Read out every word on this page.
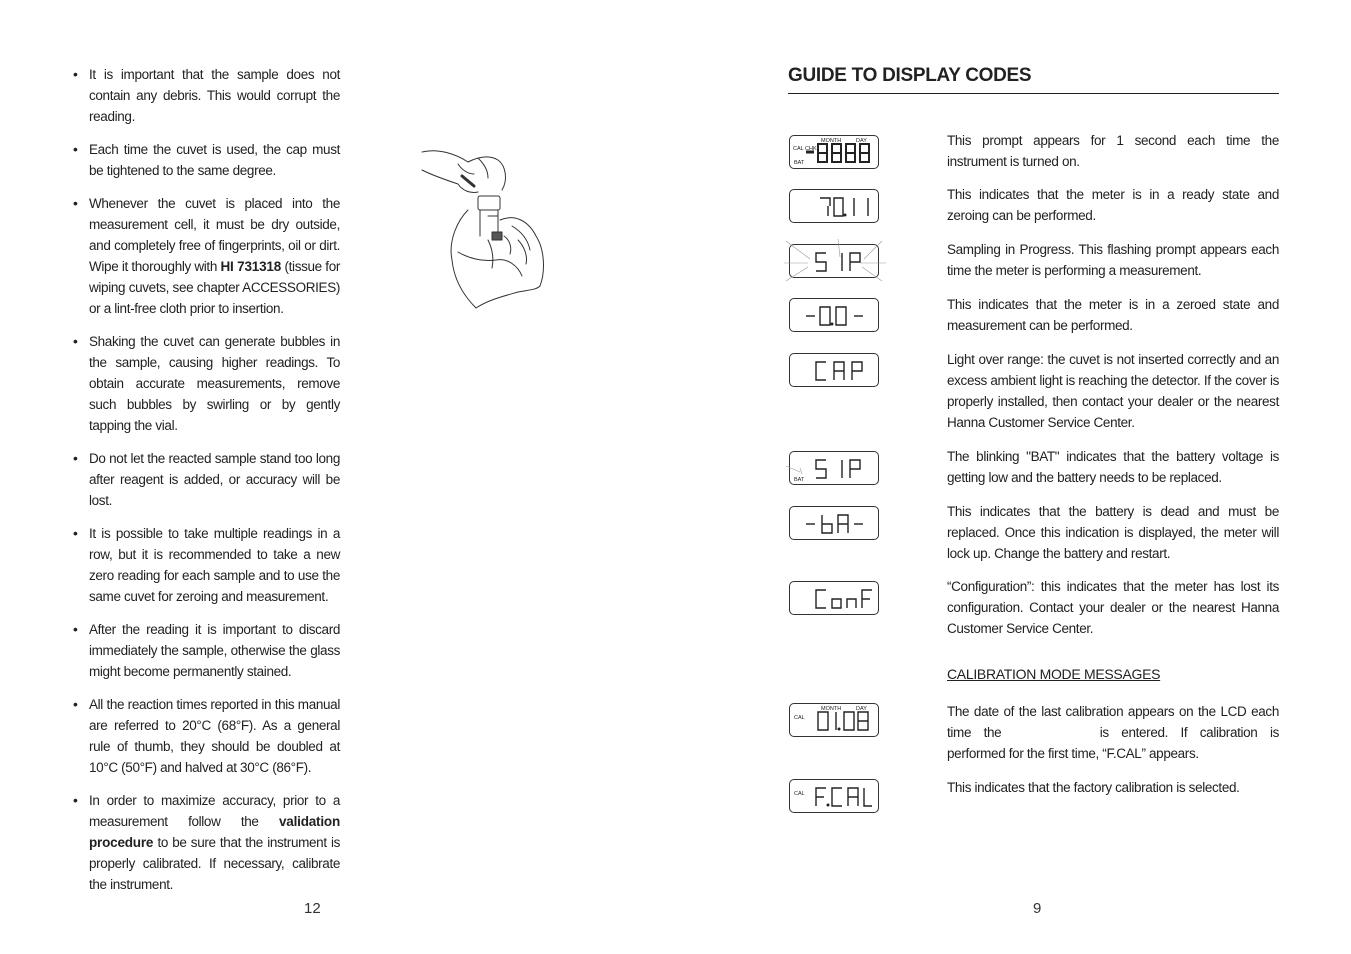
• It is important that the sample does not contain any debris. This would corrupt the reading.
• Each time the cuvet is used, the cap must be tightened to the same degree.
• Whenever the cuvet is placed into the measurement cell, it must be dry outside, and completely free of fingerprints, oil or dirt. Wipe it thoroughly with HI 731318 (tissue for wiping cuvets, see chapter ACCESSORIES) or a lint-free cloth prior to insertion.
• Shaking the cuvet can generate bubbles in the sample, causing higher readings. To obtain accurate measurements, remove such bubbles by swirling or by gently tapping the vial.
• Do not let the reacted sample stand too long after reagent is added, or accuracy will be lost.
• It is possible to take multiple readings in a row, but it is recommended to take a new zero reading for each sample and to use the same cuvet for zeroing and measurement.
• After the reading it is important to discard immediately the sample, otherwise the glass might become permanently stained.
• All the reaction times reported in this manual are referred to 20°C (68°F). As a general rule of thumb, they should be doubled at 10°C (50°F) and halved at 30°C (86°F).
• In order to maximize accuracy, prior to a measurement follow the validation procedure to be sure that the instrument is properly calibrated. If necessary, calibrate the instrument.
12
GUIDE TO DISPLAY CODES
CAL CHK
BAT
MONTH	DAY	This prompt appears for 1 second each time the instrument is turned on.
This indicates that the meter is in a ready state and zeroing can be performed.
Sampling in Progress. This flashing prompt appears each time the meter is performing a measurement.
This indicates that the meter is in a zeroed state and measurement can be performed.
Light over range: the cuvet is not inserted correctly and an excess ambient light is reaching the detector. If the cover is properly installed, then contact your dealer or the nearest Hanna Customer Service Center.
BAT
The blinking "BAT" indicates that the battery voltage is getting low and the battery needs to be replaced.
This indicates that the battery is dead and must be replaced. Once this indication is displayed, the meter will lock up. Change the battery and restart.
“Configuration”: this indicates that the meter has lost its configuration. Contact your dealer or the nearest Hanna Customer Service Center.
CALIBRATION MODE MESSAGES
CAL
MONTH	DAY	The date of the last calibration appears on the LCD each time the	is entered. If calibration is performed for the first time, “F.CAL” appears.
CAL	This indicates that the factory calibration is selected.
9
